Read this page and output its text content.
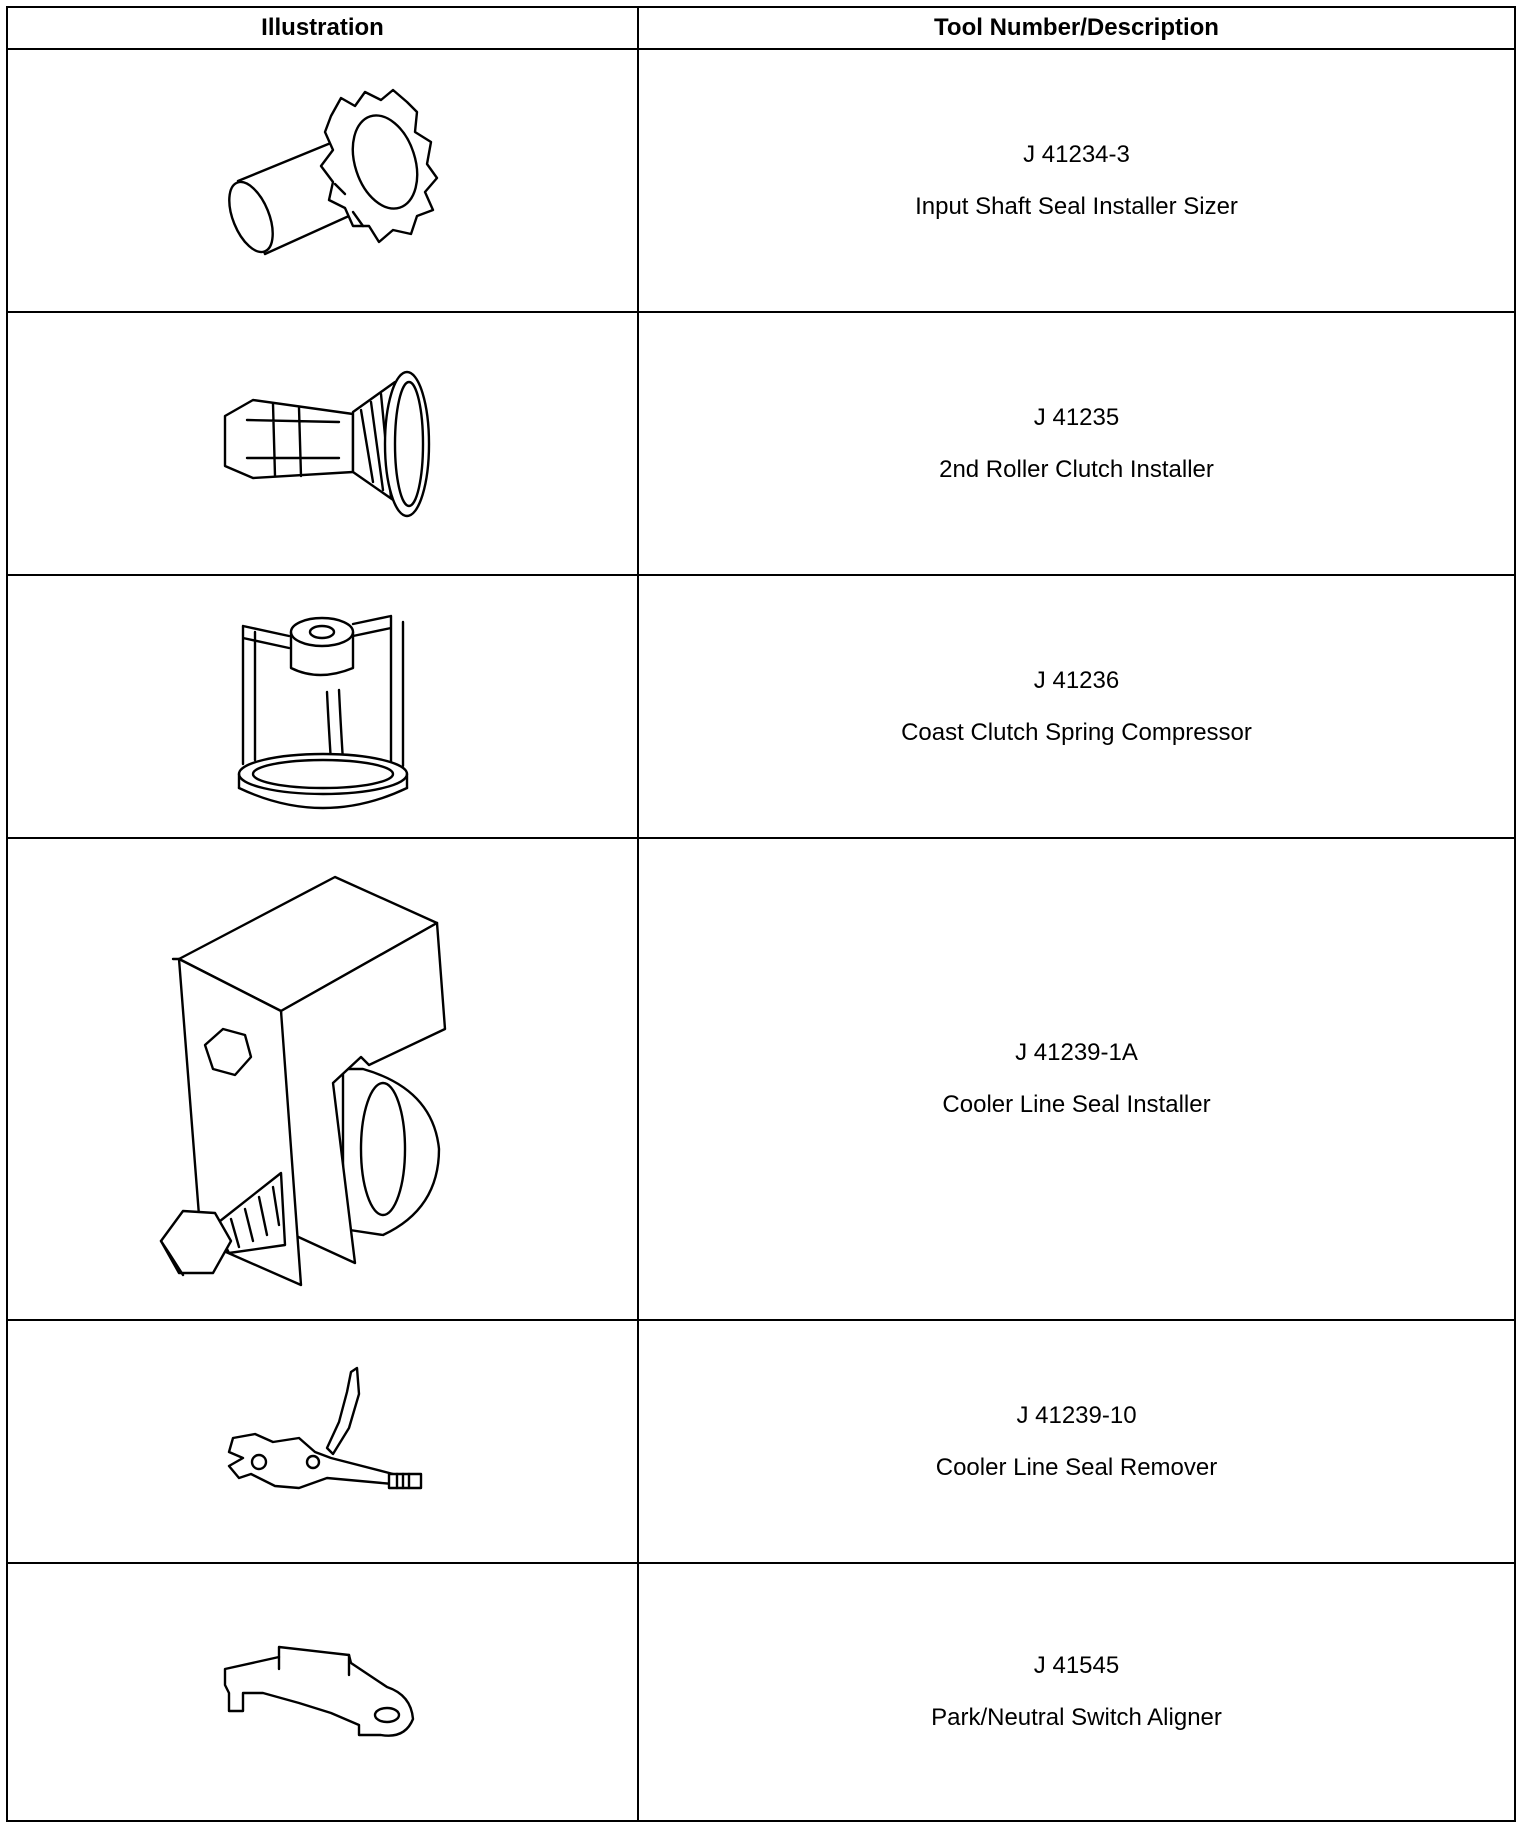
Illustration	Tool Number/Description

J 41234-3
Input Shaft Seal Installer Sizer

J 41235
2nd Roller Clutch Installer

J 41236
Coast Clutch Spring Compressor

J 41239-1A
Cooler Line Seal Installer

J 41239-10
Cooler Line Seal Remover

J 41545
Park/Neutral Switch Aligner
